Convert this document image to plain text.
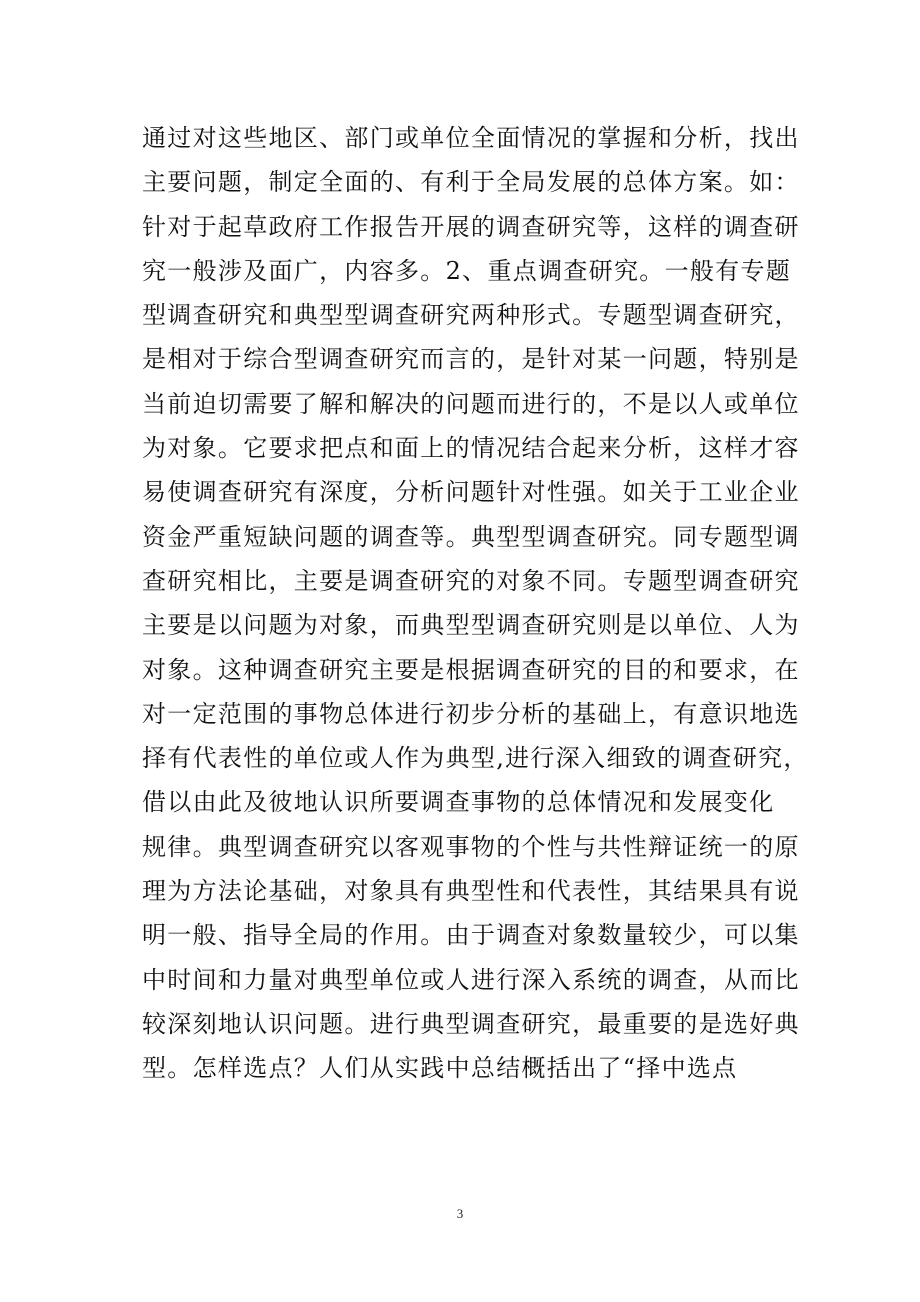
通过对这些地区、部门或单位全面情况的掌握和分析，找出
主要问题，制定全面的、有利于全局发展的总体方案。如：
针对于起草政府工作报告开展的调查研究等，这样的调查研
究一般涉及面广，内容多。2、重点调查研究。一般有专题
型调查研究和典型型调查研究两种形式。专题型调查研究，
是相对于综合型调查研究而言的，是针对某一问题，特别是
当前迫切需要了解和解决的问题而进行的，不是以人或单位
为对象。它要求把点和面上的情况结合起来分析，这样才容
易使调查研究有深度，分析问题针对性强。如关于工业企业
资金严重短缺问题的调查等。典型型调查研究。同专题型调
查研究相比，主要是调查研究的对象不同。专题型调查研究
主要是以问题为对象，而典型型调查研究则是以单位、人为
对象。这种调查研究主要是根据调查研究的目的和要求，在
对一定范围的事物总体进行初步分析的基础上，有意识地选
择有代表性的单位或人作为典型,进行深入细致的调查研究，
借以由此及彼地认识所要调查事物的总体情况和发展变化
规律。典型调查研究以客观事物的个性与共性辩证统一的原
理为方法论基础，对象具有典型性和代表性，其结果具有说
明一般、指导全局的作用。由于调查对象数量较少，可以集
中时间和力量对典型单位或人进行深入系统的调查，从而比
较深刻地认识问题。进行典型调查研究，最重要的是选好典
型。怎样选点？人们从实践中总结概括出了“择中选点
3
